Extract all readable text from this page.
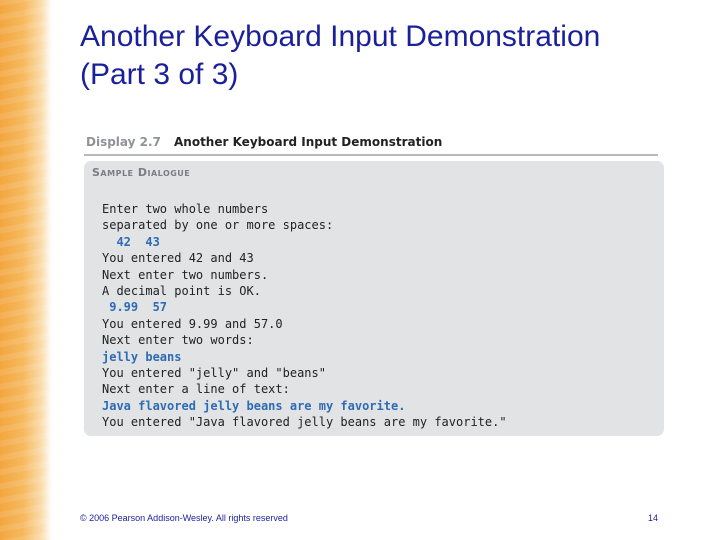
Another Keyboard Input Demonstration
(Part 3 of 3)
Display 2.7 Another Keyboard Input Demonstration
Sample Dialogue
Enter two whole numbers
separated by one or more spaces:
42  43
You entered 42 and 43
Next enter two numbers.
A decimal point is OK.
9.99  57
You entered 9.99 and 57.0
Next enter two words:
jelly beans
You entered "jelly" and "beans"
Next enter a line of text:
Java flavored jelly beans are my favorite.
You entered "Java flavored jelly beans are my favorite."
© 2006 Pearson Addison-Wesley. All rights reserved	14
